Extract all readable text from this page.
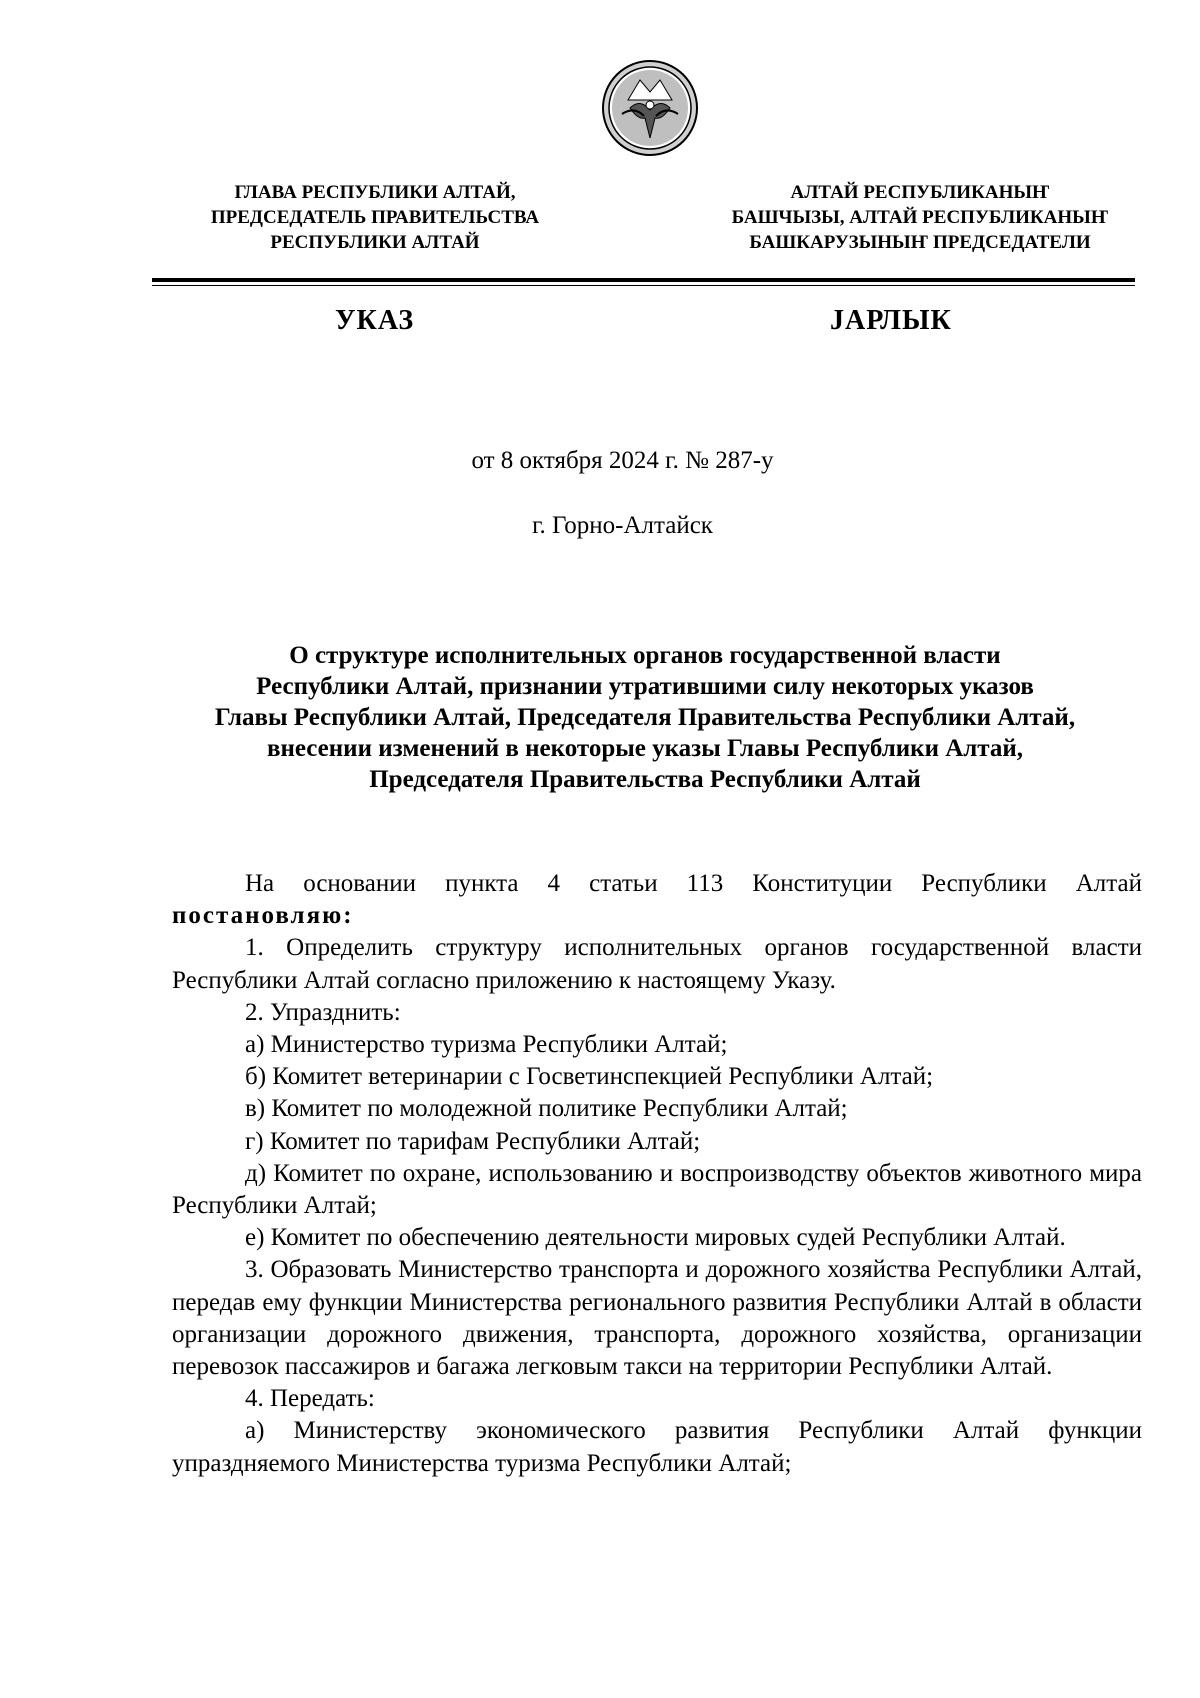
ГЛАВА РЕСПУБЛИКИ АЛТАЙ,
ПРЕДСЕДАТЕЛЬ ПРАВИТЕЛЬСТВА
РЕСПУБЛИКИ АЛТАЙ
АЛТАЙ РЕСПУБЛИКАНЫҤ
БАШЧЫЗЫ, АЛТАЙ РЕСПУБЛИКАНЫҤ
БАШКАРУЗЫНЫҤ ПРЕДСЕДАТЕЛИ
УКАЗ	ЈАРЛЫК
от 8 октября 2024 г. № 287-у
г. Горно-Алтайск
О структуре исполнительных органов государственной власти
Республики Алтай, признании утратившими силу некоторых указов
Главы Республики Алтай, Председателя Правительства Республики Алтай,
внесении изменений в некоторые указы Главы Республики Алтай,
Председателя Правительства Республики Алтай

На основании пункта 4 статьи 113 Конституции Республики Алтай постановляю:

1. Определить структуру исполнительных органов государственной власти Республики Алтай согласно приложению к настоящему Указу.

2. Упразднить:

а) Министерство туризма Республики Алтай;

б) Комитет ветеринарии с Госветинспекцией Республики Алтай;

в) Комитет по молодежной политике Республики Алтай;

г) Комитет по тарифам Республики Алтай;

д) Комитет по охране, использованию и воспроизводству объектов животного мира Республики Алтай;

е) Комитет по обеспечению деятельности мировых судей Республики Алтай.

3. Образовать Министерство транспорта и дорожного хозяйства Республики Алтай, передав ему функции Министерства регионального развития Республики Алтай в области организации дорожного движения, транспорта, дорожного хозяйства, организации перевозок пассажиров и багажа легковым такси на территории Республики Алтай.

4. Передать:

а) Министерству экономического развития Республики Алтай функции упраздняемого Министерства туризма Республики Алтай;
